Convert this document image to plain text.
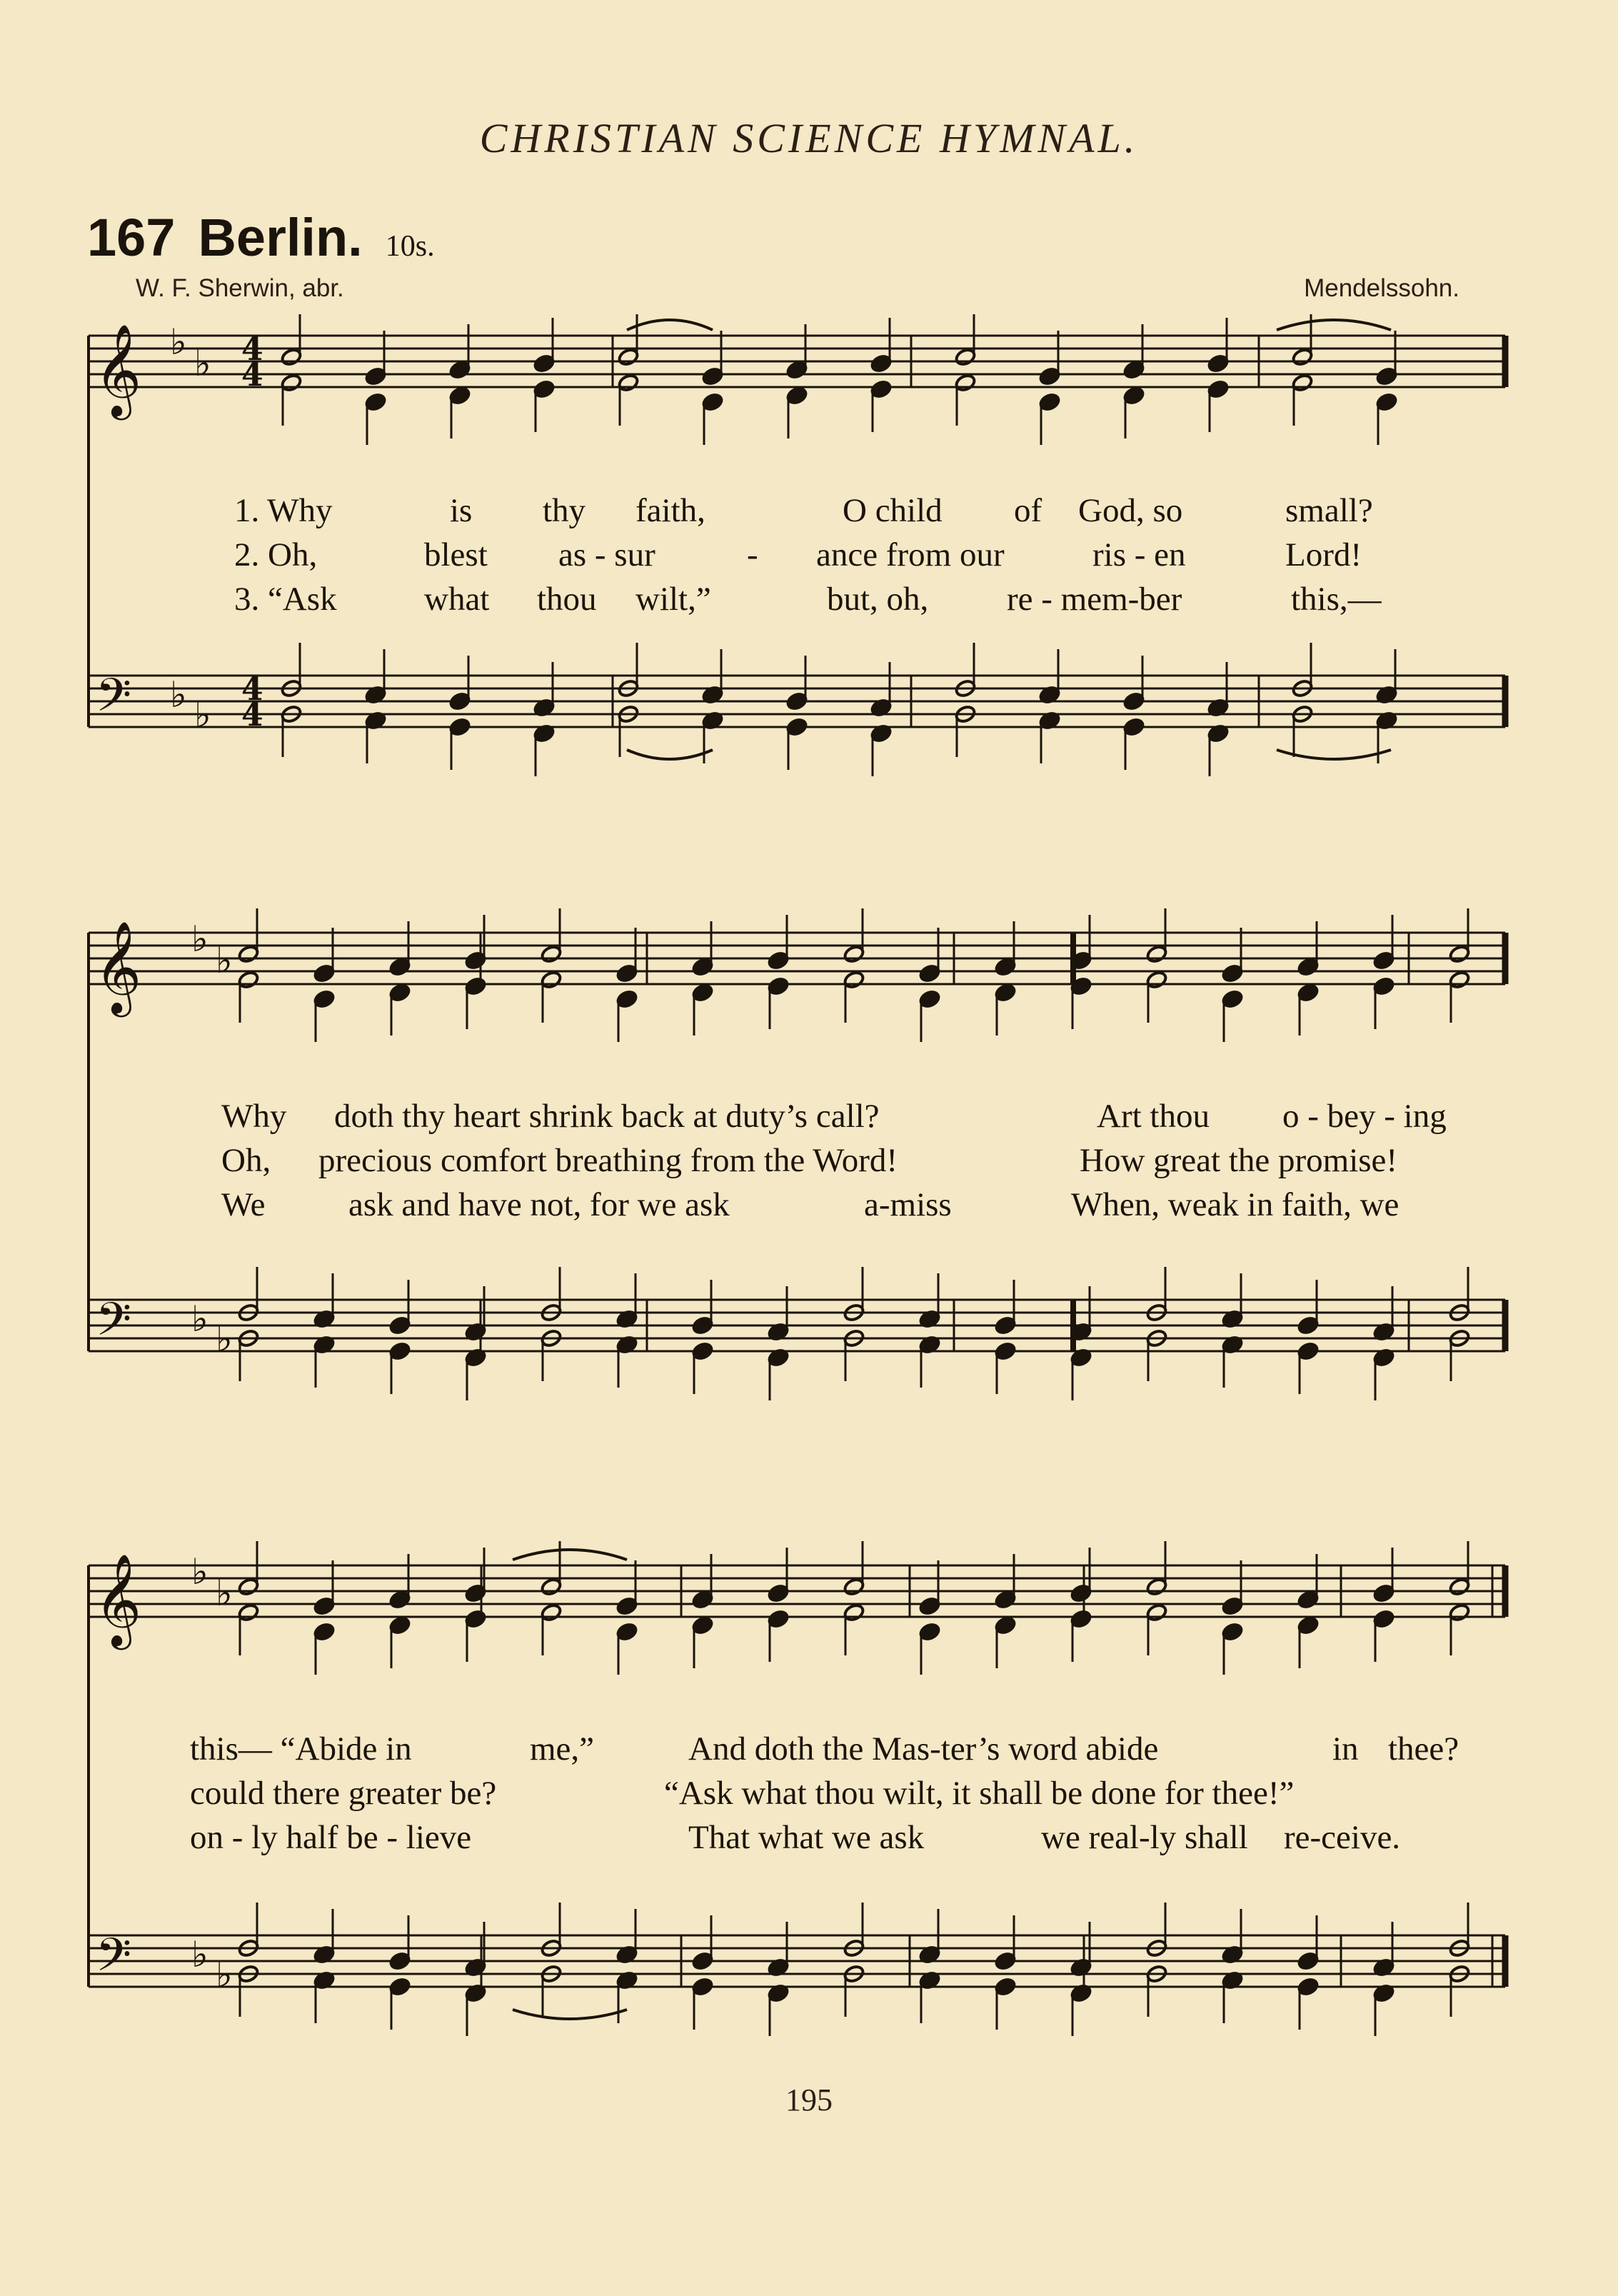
CHRISTIAN SCIENCE HYMNAL.
167 Berlin. 10s.
W. F. Sherwin, abr.	Mendelssohn.
𝄞
𝄢
♭
♭
♭ ♭
4
4
4
4
1. Why	is thy faith,	O child of God, so	small?
2. Oh,	blest as - sur	- ance from our	ris - en	Lord!
3. “Ask	what thou wilt,”	but, oh, re - mem-ber	this,—
𝄞
𝄢
♭
♭
♭ ♭
Why doth thy heart shrink back at duty’s call?	Art thou o - bey - ing
Oh, precious comfort breathing from the Word!	How great the promise!
We ask and have not, for we ask	a-miss	When, weak in faith, we
𝄞
𝄢
♭
♭
♭ ♭
this— “Abide in	me,”	And doth the Mas-ter’s word abide	in thee?
could there greater be?	“Ask what thou wilt, it shall be done for thee!”
on - ly half be - lieve	That what we ask	we real-ly shall re-ceive.
195
